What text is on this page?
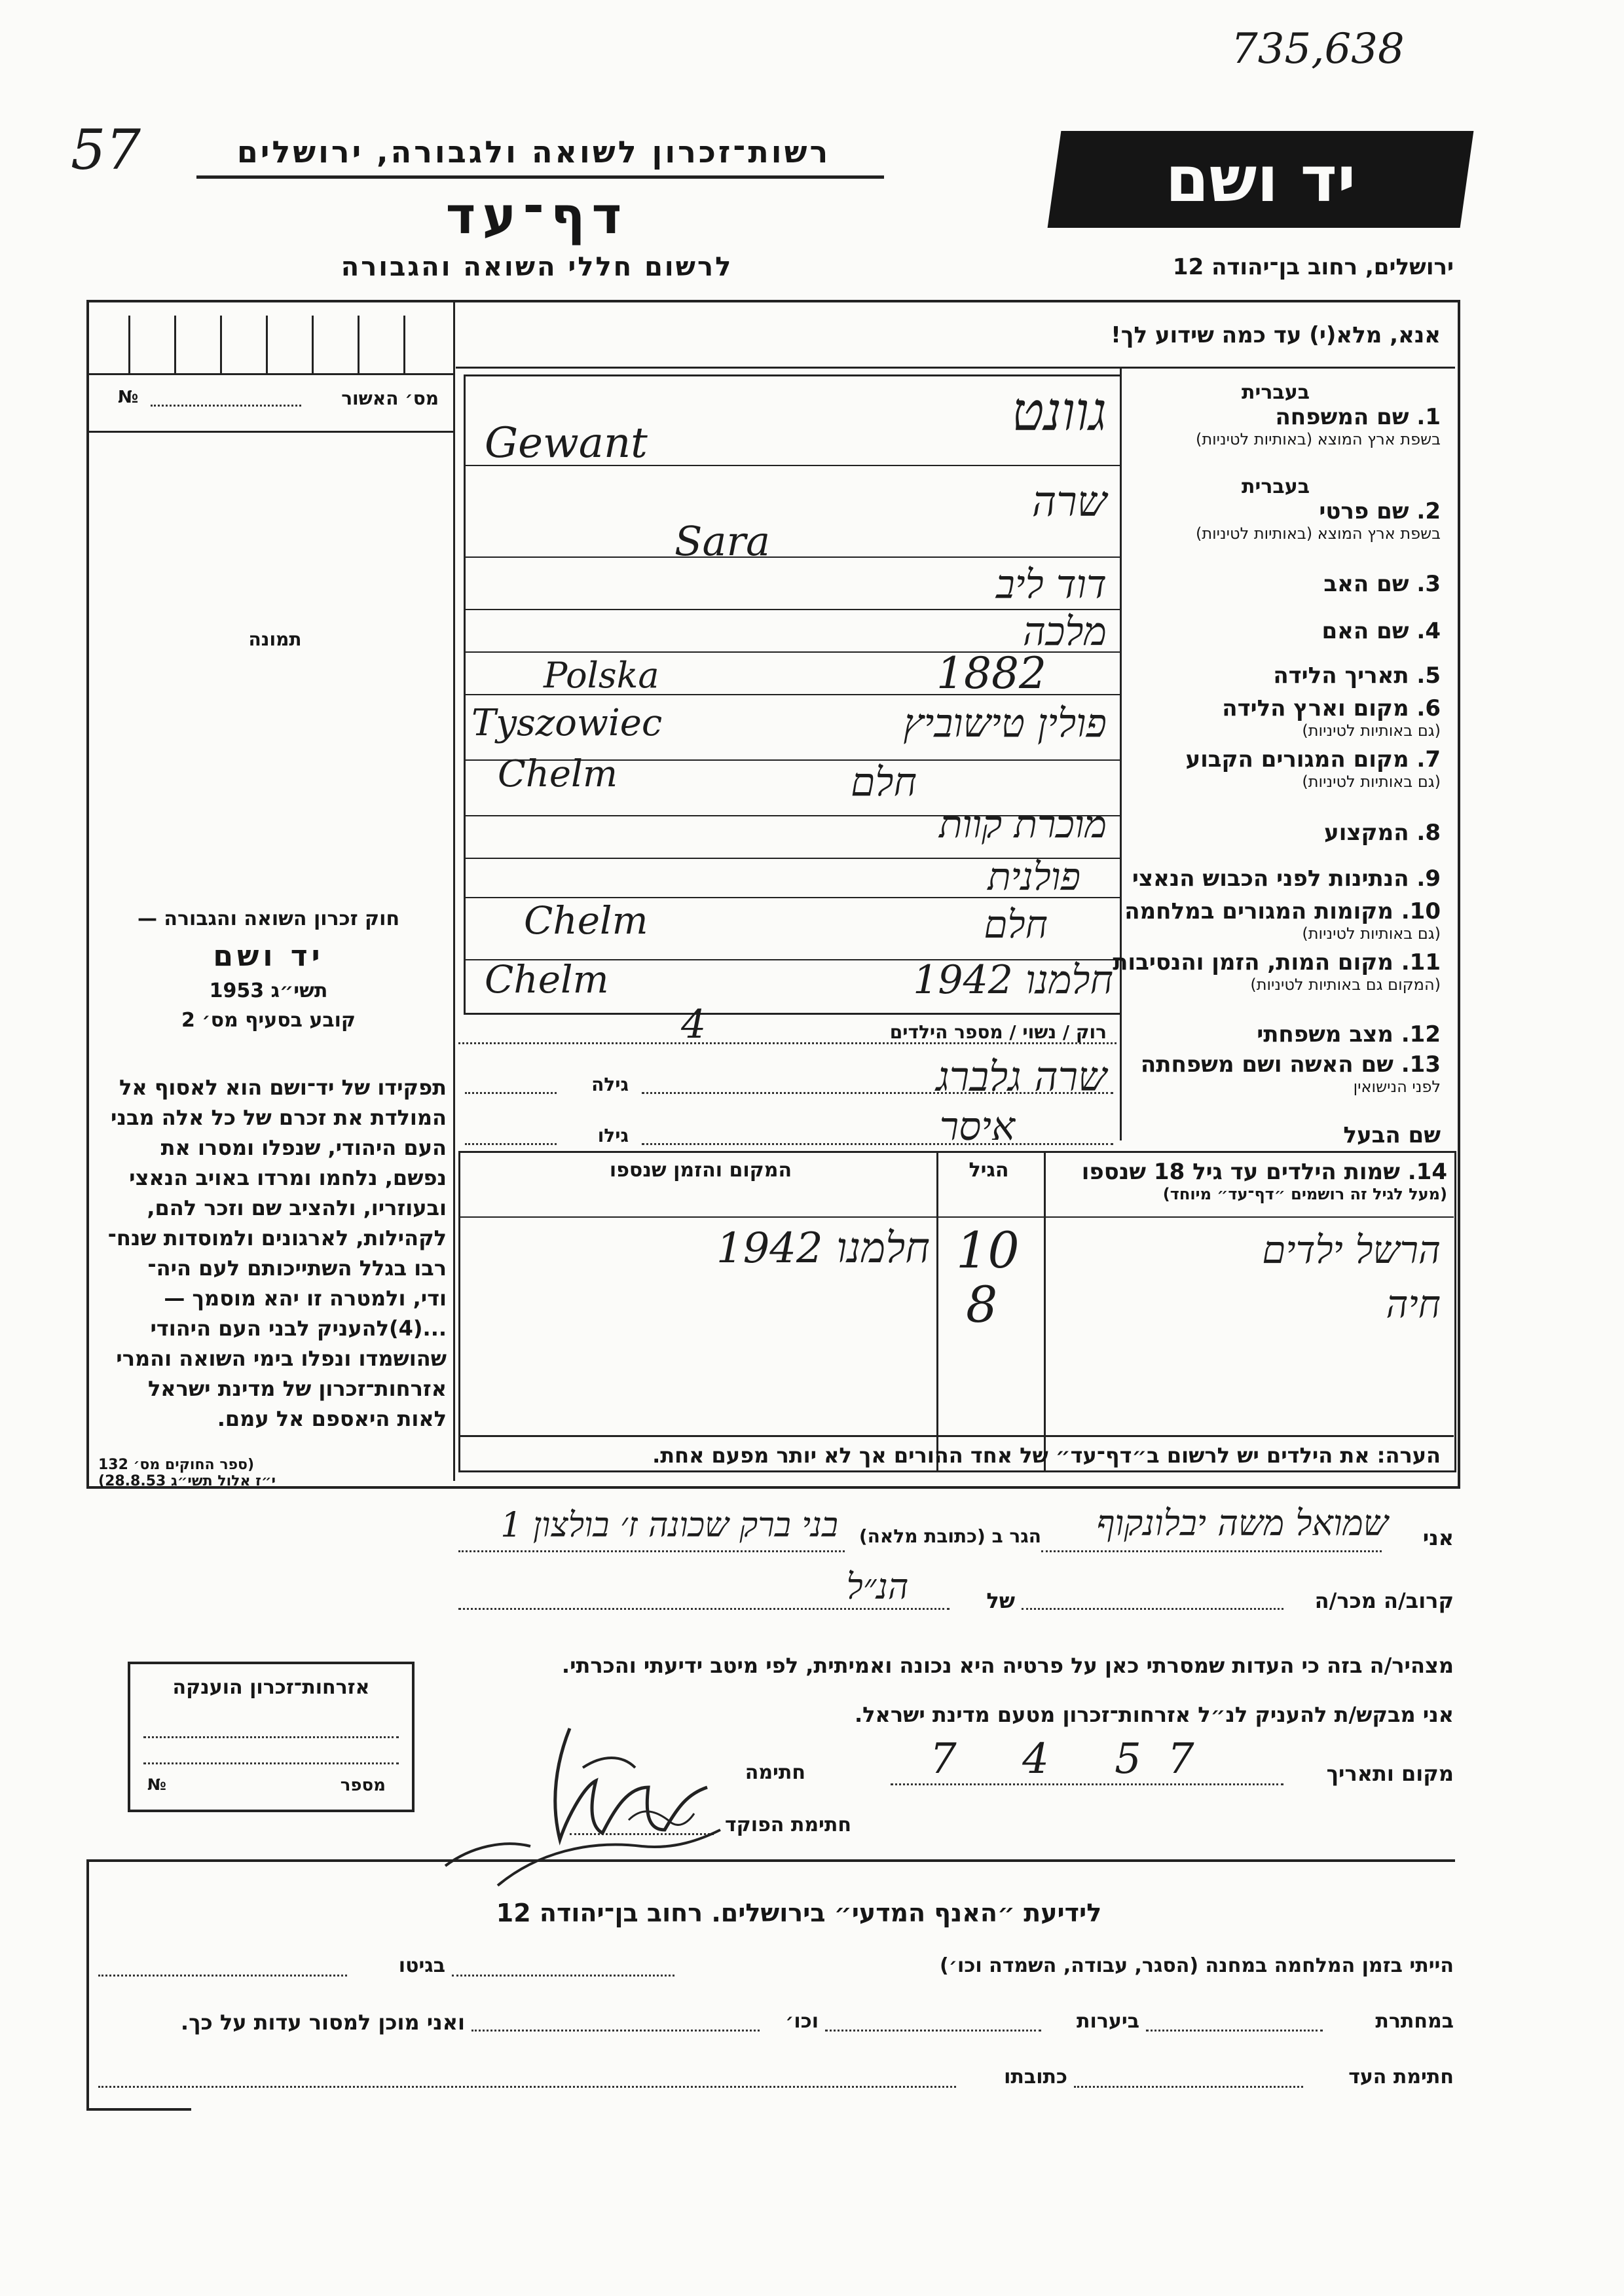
57
735,638
רשות־זכרון לשואה ולגבורה, ירושלים
דף־עד
לרשום חללי השואה והגבורה
יד ושם
ירושלים, רחוב בן־יהודה 12
№	מס׳ האשור
תמונה
אנא, מלא(י) עד כמה שידוע לך!
בעברית
1. שם המשפחה
בשפת ארץ המוצא (באותיות לטיניות)
בעברית
2. שם פרטי
בשפת ארץ המוצא (באותיות לטיניות)
3. שם האב
4. שם האם
5. תאריך הלידה
6. מקום וארץ הלידה
(גם באותיות לטיניות)
7. מקום המגורים הקבוע
(גם באותיות לטיניות)
8. המקצוע
9. הנתינות לפני הכבוש הנאצי
10. מקומות המגורים במלחמה
(גם באותיות לטיניות)
11. מקום המות, הזמן והנסיבות
(המקום גם באותיות לטיניות)
12. מצב משפחתי
13. שם האשה ושם משפחתה
לפני הנישואין
שם הבעל
גוונט
Gewant
שרה
Sara
דוד ליב
מלכה
1882
Polska
פולין טישוביץ
Tyszowiec
חלם
Chelm
מוכרת קוות
פולנית
חלם
Chelm
חלמנו 1942
Chelm
רוק / נשוי / מספר הילדים
4
שרה גלברג
גילה
איסר
גילו
14. שמות הילדים עד גיל 18 שנספו
(מעל לגיל זה רושמים ״דף־עד״ מיוחד)
הגיל
המקום והזמן שנספו
הרשל ילדים
10
חלמנו 1942
חיה
8
הערה: את הילדים יש לרשום ב״דף־עד״ של אחד ההורים אך לא יותר מפעם אחת.
חוק זכרון השואה והגבורה —
יד ושם
תשי״ג 1953
קובע בסעיף מס׳ 2
תפקידו של יד־ושם הוא לאסוף אל
המולדת את זכרם של כל אלה מבני
העם היהודי, שנפלו ומסרו את
נפשם, נלחמו ומרדו באויב הנאצי
ובעוזריו, ולהציב שם וזכר להם,
לקהילות, לארגונים ולמוסדות שנח־
רבו בגלל השתייכותם לעם היה־
ודי, ולמטרה זו יהא מוסמך —
...(4)להעניק לבני העם היהודי
שהושמדו ונפלו בימי השואה והמרי
אזרחות־זכרון של מדינת ישראל
לאות היאספם אל עמם.
(ספר החוקים מס׳ 132
י״ז אלול תשי״ג 28.8.53)
אני
שמואל משה יבלונקוף
הגר ב (כתובת מלאה)
בני ברק שכונה ז׳ בולצון 1
קרוב/ה מכר/ה
של
הנ״ל
מצהיר/ה בזה כי העדות שמסרתי כאן על פרטיה היא נכונה ואמיתית, לפי מיטב ידיעתי והכרתי.
אני מבקש/ת להעניק לנ״ל אזרחות־זכרון מטעם מדינת ישראל.
מקום ותאריך
7 4 57
חתימה
חתימת הפוקד
אזרחות־זכרון הוענקה
№	מספר
לידיעת ״האנף המדעי״ בירושלים. רחוב בן־יהודה 12
הייתי בזמן המלחמה במחנה (הסגר, עבודה, השמדה וכו׳)
בגיטו
במחתרת
ביערות
וכו׳
ואני מוכן למסור עדות על כך.
חתימת העד
כתובתו
